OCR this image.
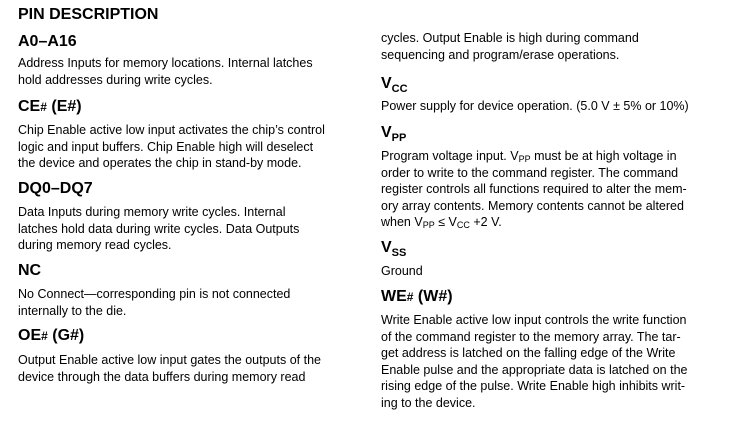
PIN DESCRIPTION
A0–A16

Address Inputs for memory locations. Internal latches

hold addresses during write cycles.

CE# (E#)

Chip Enable active low input activates the chip’s control

logic and input buffers. Chip Enable high will deselect

the device and operates the chip in stand-by mode.

DQ0–DQ7

Data Inputs during memory write cycles. Internal

latches hold data during write cycles. Data Outputs

during memory read cycles.

NC

No Connect—corresponding pin is not connected

internally to the die.

OE# (G#)

Output Enable active low input gates the outputs of the

device through the data buffers during memory read

cycles. Output Enable is high during command

sequencing and program/erase operations.

$V_{CC}$

Power supply for device operation. (5.0 V ± 5% or 10%)

$V_{PP}$

Program voltage input. $V_{PP}$ must be at high voltage in

order to write to the command register. The command

register controls all functions required to alter the mem-

ory array contents. Memory contents cannot be altered

when $V_{PP} \le V_{CC} +2$ V.

$V_{SS}$

Ground

WE# (W#)

Write Enable active low input controls the write function

of the command register to the memory array. The tar-

get address is latched on the falling edge of the Write

Enable pulse and the appropriate data is latched on the

rising edge of the pulse. Write Enable high inhibits writ-

ing to the device.
